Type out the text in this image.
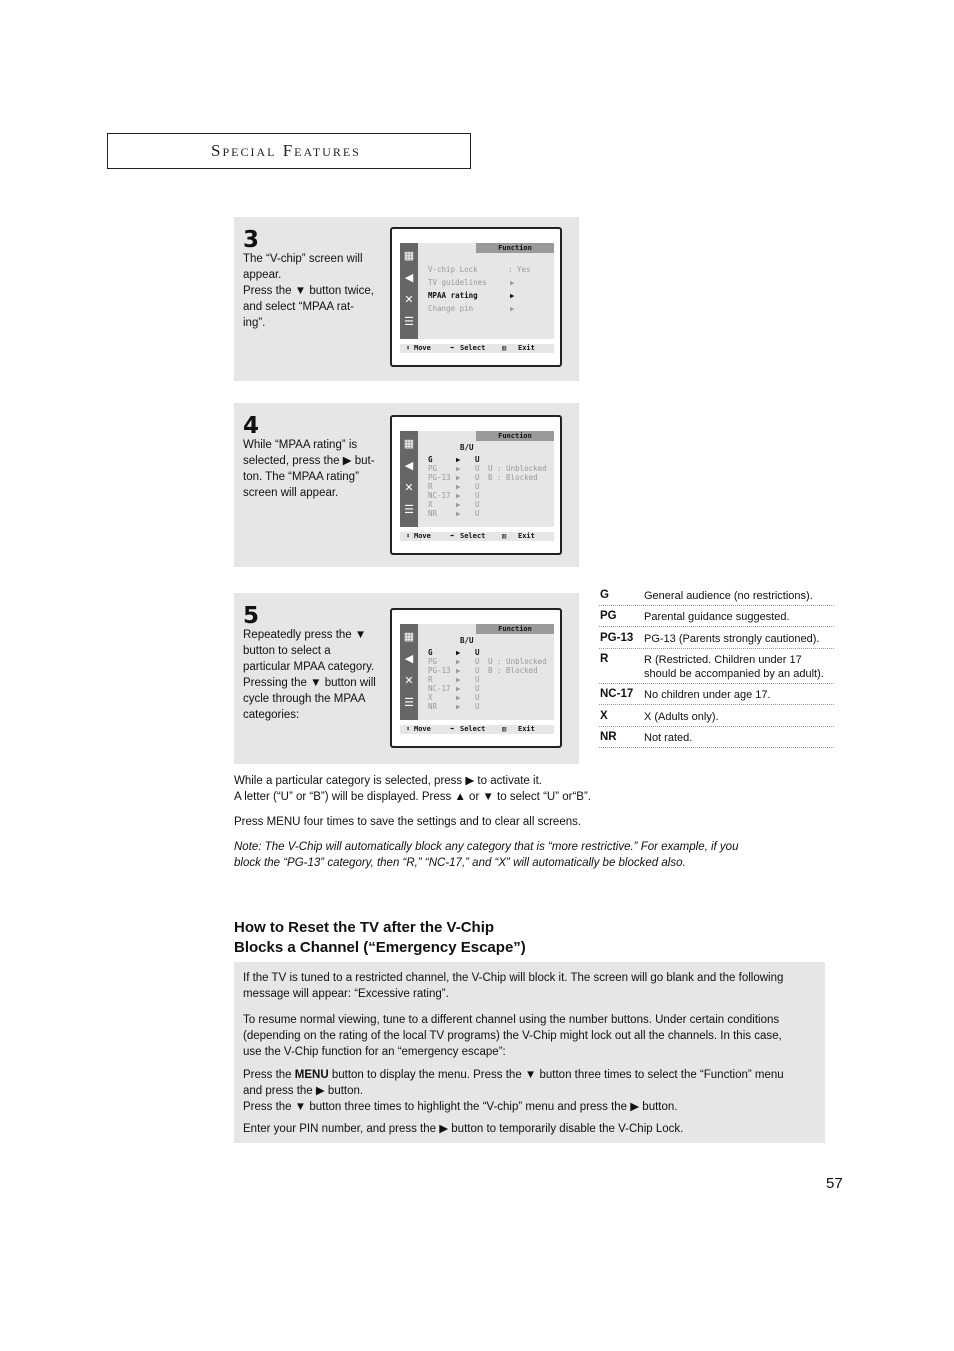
Special Features
3

The “V-chip” screen will

appear.

Press the ▼ button twice,

and select “MPAA rat-

ing”.

▦
◀
✕
☰
Function
V-chip Lock	: Yes
TV guidelines	▶
MPAA rating	▶
Change pin	▶
⬍ Move	⬌ Select ▥ Exit
4

While “MPAA rating” is

selected, press the ▶ but-

ton. The “MPAA rating”

screen will appear.

▦
◀
✕
☰
Function
B/U
G	▶ U
PG	▶ U
PG-13 ▶ U
R	▶ U
NC-17 ▶ U
X	▶ U
NR	▶ U
U : Unblocked
B : Blocked
⬍ Move	⬌ Select ▥ Exit
5

Repeatedly press the ▼

button to select a

particular MPAA category.

Pressing the ▼ button will

cycle through the MPAA

categories:

▦
◀
✕
☰
Function
B/U
G	▶ U
PG	▶ U
PG-13 ▶ U
R	▶ U
NC-17 ▶ U
X	▶ U
NR	▶ U
U : Unblocked
B : Blocked
⬍ Move	⬌ Select ▥ Exit
G	General audience (no restrictions).
PG Parental guidance suggested.
PG-13 PG-13 (Parents strongly cautioned).
R	R (Restricted. Children under 17 should be accompanied by an adult).
NC-17 No children under age 17.
X	X (Adults only).
NR Not rated.

While a particular category is selected, press ▶ to activate it.

A letter (“U” or “B”) will be displayed. Press ▲ or ▼ to select “U” or“B”.

Press MENU four times to save the settings and to clear all screens.

Note: The V-Chip will automatically block any category that is “more restrictive.” For example, if you

block the “PG-13” category, then “R,” “NC-17,” and “X” will automatically be blocked also.

How to Reset the TV after the V-Chip
Blocks a Channel (“Emergency Escape”)
If the TV is tuned to a restricted channel, the V-Chip will block it. The screen will go blank and the following
message will appear: “Excessive rating”.
To resume normal viewing, tune to a different channel using the number buttons. Under certain conditions
(depending on the rating of the local TV programs) the V-Chip might lock out all the channels. In this case,
use the V-Chip function for an “emergency escape”:
Press the MENU button to display the menu. Press the ▼ button three times to select the “Function” menu
and press the ▶ button.
Press the ▼ button three times to highlight the “V-chip” menu and press the ▶ button.
Enter your PIN number, and press the ▶ button to temporarily disable the V-Chip Lock.
57
